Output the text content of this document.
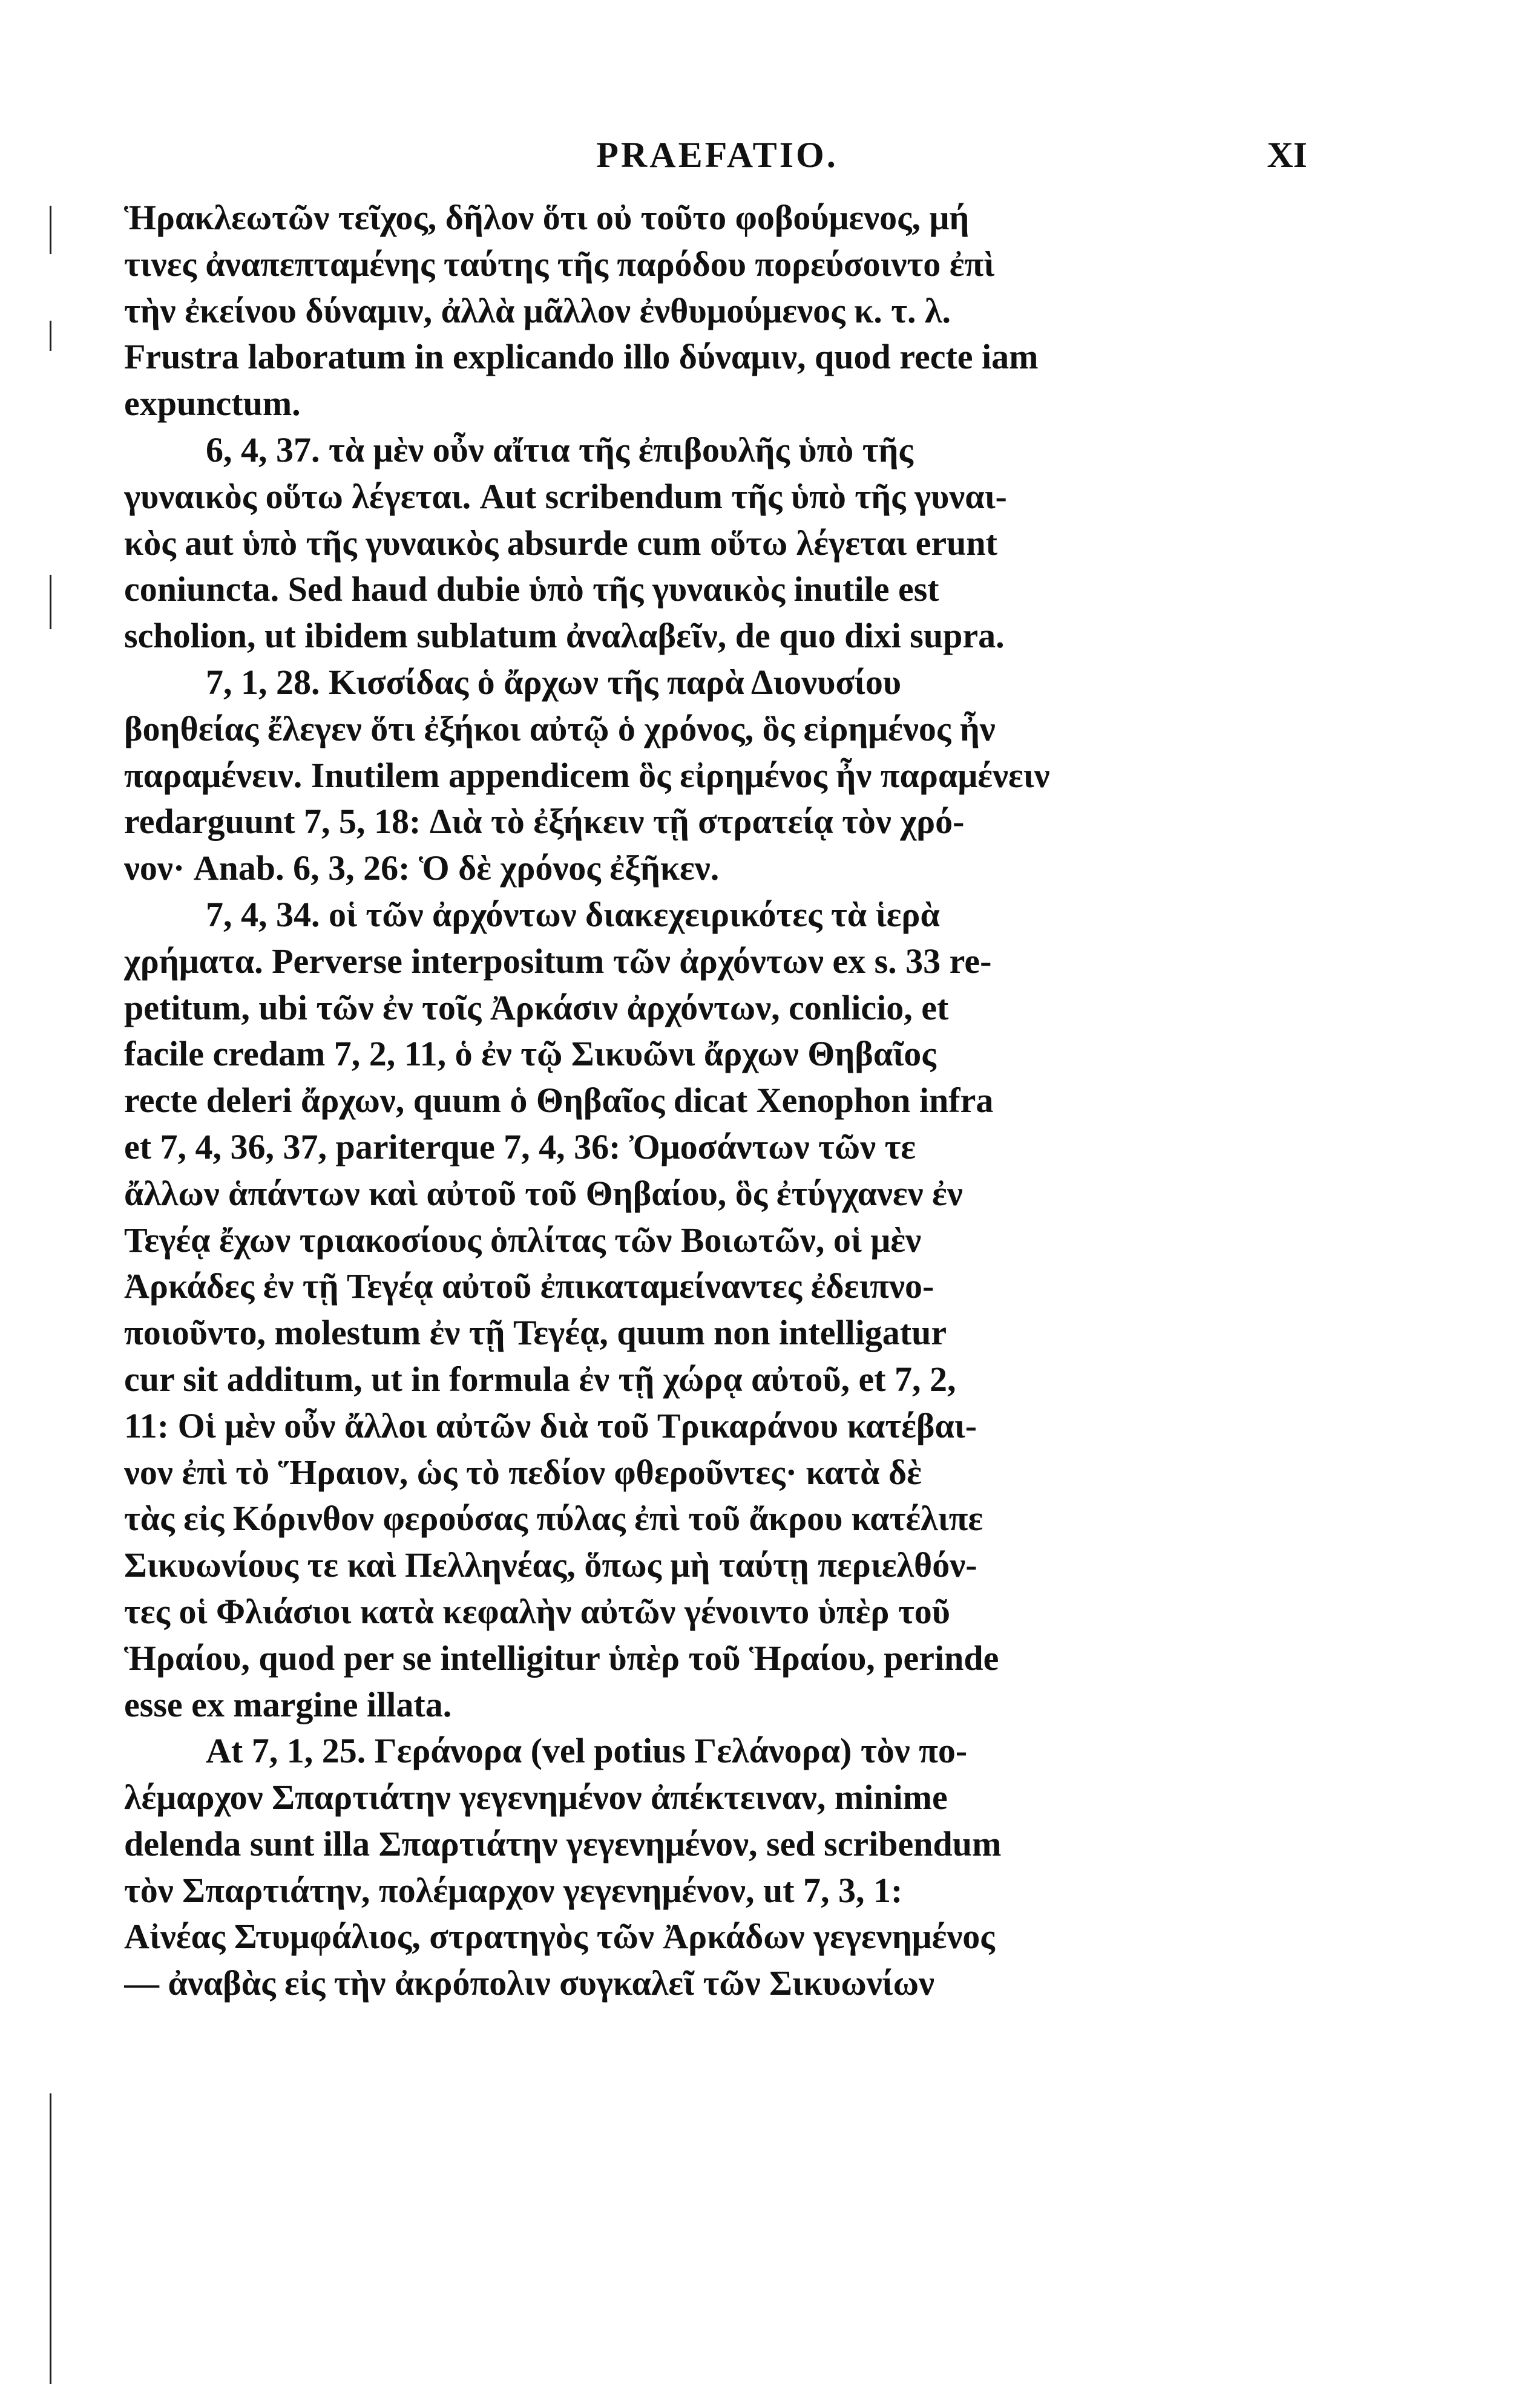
PRAEFATIO.	XI
Ἡρακλεωτῶν τεῖχος, δῆλον ὅτι οὐ τοῦτο φοβούμενος, μή
τινες ἀναπεπταμένης ταύτης τῆς παρόδου πορεύσοιντο ἐπὶ
τὴν ἐκείνου δύναμιν, ἀλλὰ μᾶλλον ἐνθυμούμενος κ. τ. λ.
Frustra laboratum in explicando illo δύναμιν, quod recte iam
expunctum.
6, 4, 37. τὰ μὲν οὖν αἴτια τῆς ἐπιβουλῆς ὑπὸ τῆς
γυναικὸς οὕτω λέγεται. Aut scribendum τῆς ὑπὸ τῆς γυναι-
κὸς aut ὑπὸ τῆς γυναικὸς absurde cum οὕτω λέγεται erunt
coniuncta. Sed haud dubie ὑπὸ τῆς γυναικὸς inutile est
scholion, ut ibidem sublatum ἀναλαβεῖν, de quo dixi supra.
7, 1, 28. Κισσίδας ὁ ἄρχων τῆς παρὰ Διονυσίου
βοηθείας ἔλεγεν ὅτι ἐξήκοι αὐτῷ ὁ χρόνος, ὃς εἰρημένος ἦν
παραμένειν. Inutilem appendicem ὃς εἰρημένος ἦν παραμένειν
redarguunt 7, 5, 18: Διὰ τὸ ἐξήκειν τῇ στρατείᾳ τὸν χρό-
νον· Anab. 6, 3, 26: Ὁ δὲ χρόνος ἐξῆκεν.
7, 4, 34. οἱ τῶν ἀρχόντων διακεχειρικότες τὰ ἱερὰ
χρήματα. Perverse interpositum τῶν ἀρχόντων ex s. 33 re-
petitum, ubi τῶν ἐν τοῖς Ἀρκάσιν ἀρχόντων, conlicio, et
facile credam 7, 2, 11, ὁ ἐν τῷ Σικυῶνι ἄρχων Θηβαῖος
recte deleri ἄρχων, quum ὁ Θηβαῖος dicat Xenophon infra
et 7, 4, 36, 37, pariterque 7, 4, 36: Ὀμοσάντων τῶν τε
ἄλλων ἁπάντων καὶ αὐτοῦ τοῦ Θηβαίου, ὃς ἐτύγχανεν ἐν
Τεγέᾳ ἔχων τριακοσίους ὁπλίτας τῶν Βοιωτῶν, οἱ μὲν
Ἀρκάδες ἐν τῇ Τεγέᾳ αὐτοῦ ἐπικαταμείναντες ἐδειπνο-
ποιοῦντο, molestum ἐν τῇ Τεγέᾳ, quum non intelligatur
cur sit additum, ut in formula ἐν τῇ χώρᾳ αὐτοῦ, et 7, 2,
11: Οἱ μὲν οὖν ἄλλοι αὐτῶν διὰ τοῦ Τρικαράνου κατέβαι-
νον ἐπὶ τὸ Ἥραιον, ὡς τὸ πεδίον φθεροῦντες· κατὰ δὲ
τὰς εἰς Κόρινθον φερούσας πύλας ἐπὶ τοῦ ἄκρου κατέλιπε
Σικυωνίους τε καὶ Πελληνέας, ὅπως μὴ ταύτῃ περιελθόν-
τες οἱ Φλιάσιοι κατὰ κεφαλὴν αὐτῶν γένοιντο ὑπὲρ τοῦ
Ἡραίου, quod per se intelligitur ὑπὲρ τοῦ Ἡραίου, perinde
esse ex margine illata.
At 7, 1, 25. Γεράνορα (vel potius Γελάνορα) τὸν πο-
λέμαρχον Σπαρτιάτην γεγενημένον ἀπέκτειναν, minime
delenda sunt illa Σπαρτιάτην γεγενημένον, sed scribendum
τὸν Σπαρτιάτην, πολέμαρχον γεγενημένον, ut 7, 3, 1:
Αἰνέας Στυμφάλιος, στρατηγὸς τῶν Ἀρκάδων γεγενημένος
— ἀναβὰς εἰς τὴν ἀκρόπολιν συγκαλεῖ τῶν Σικυωνίων
